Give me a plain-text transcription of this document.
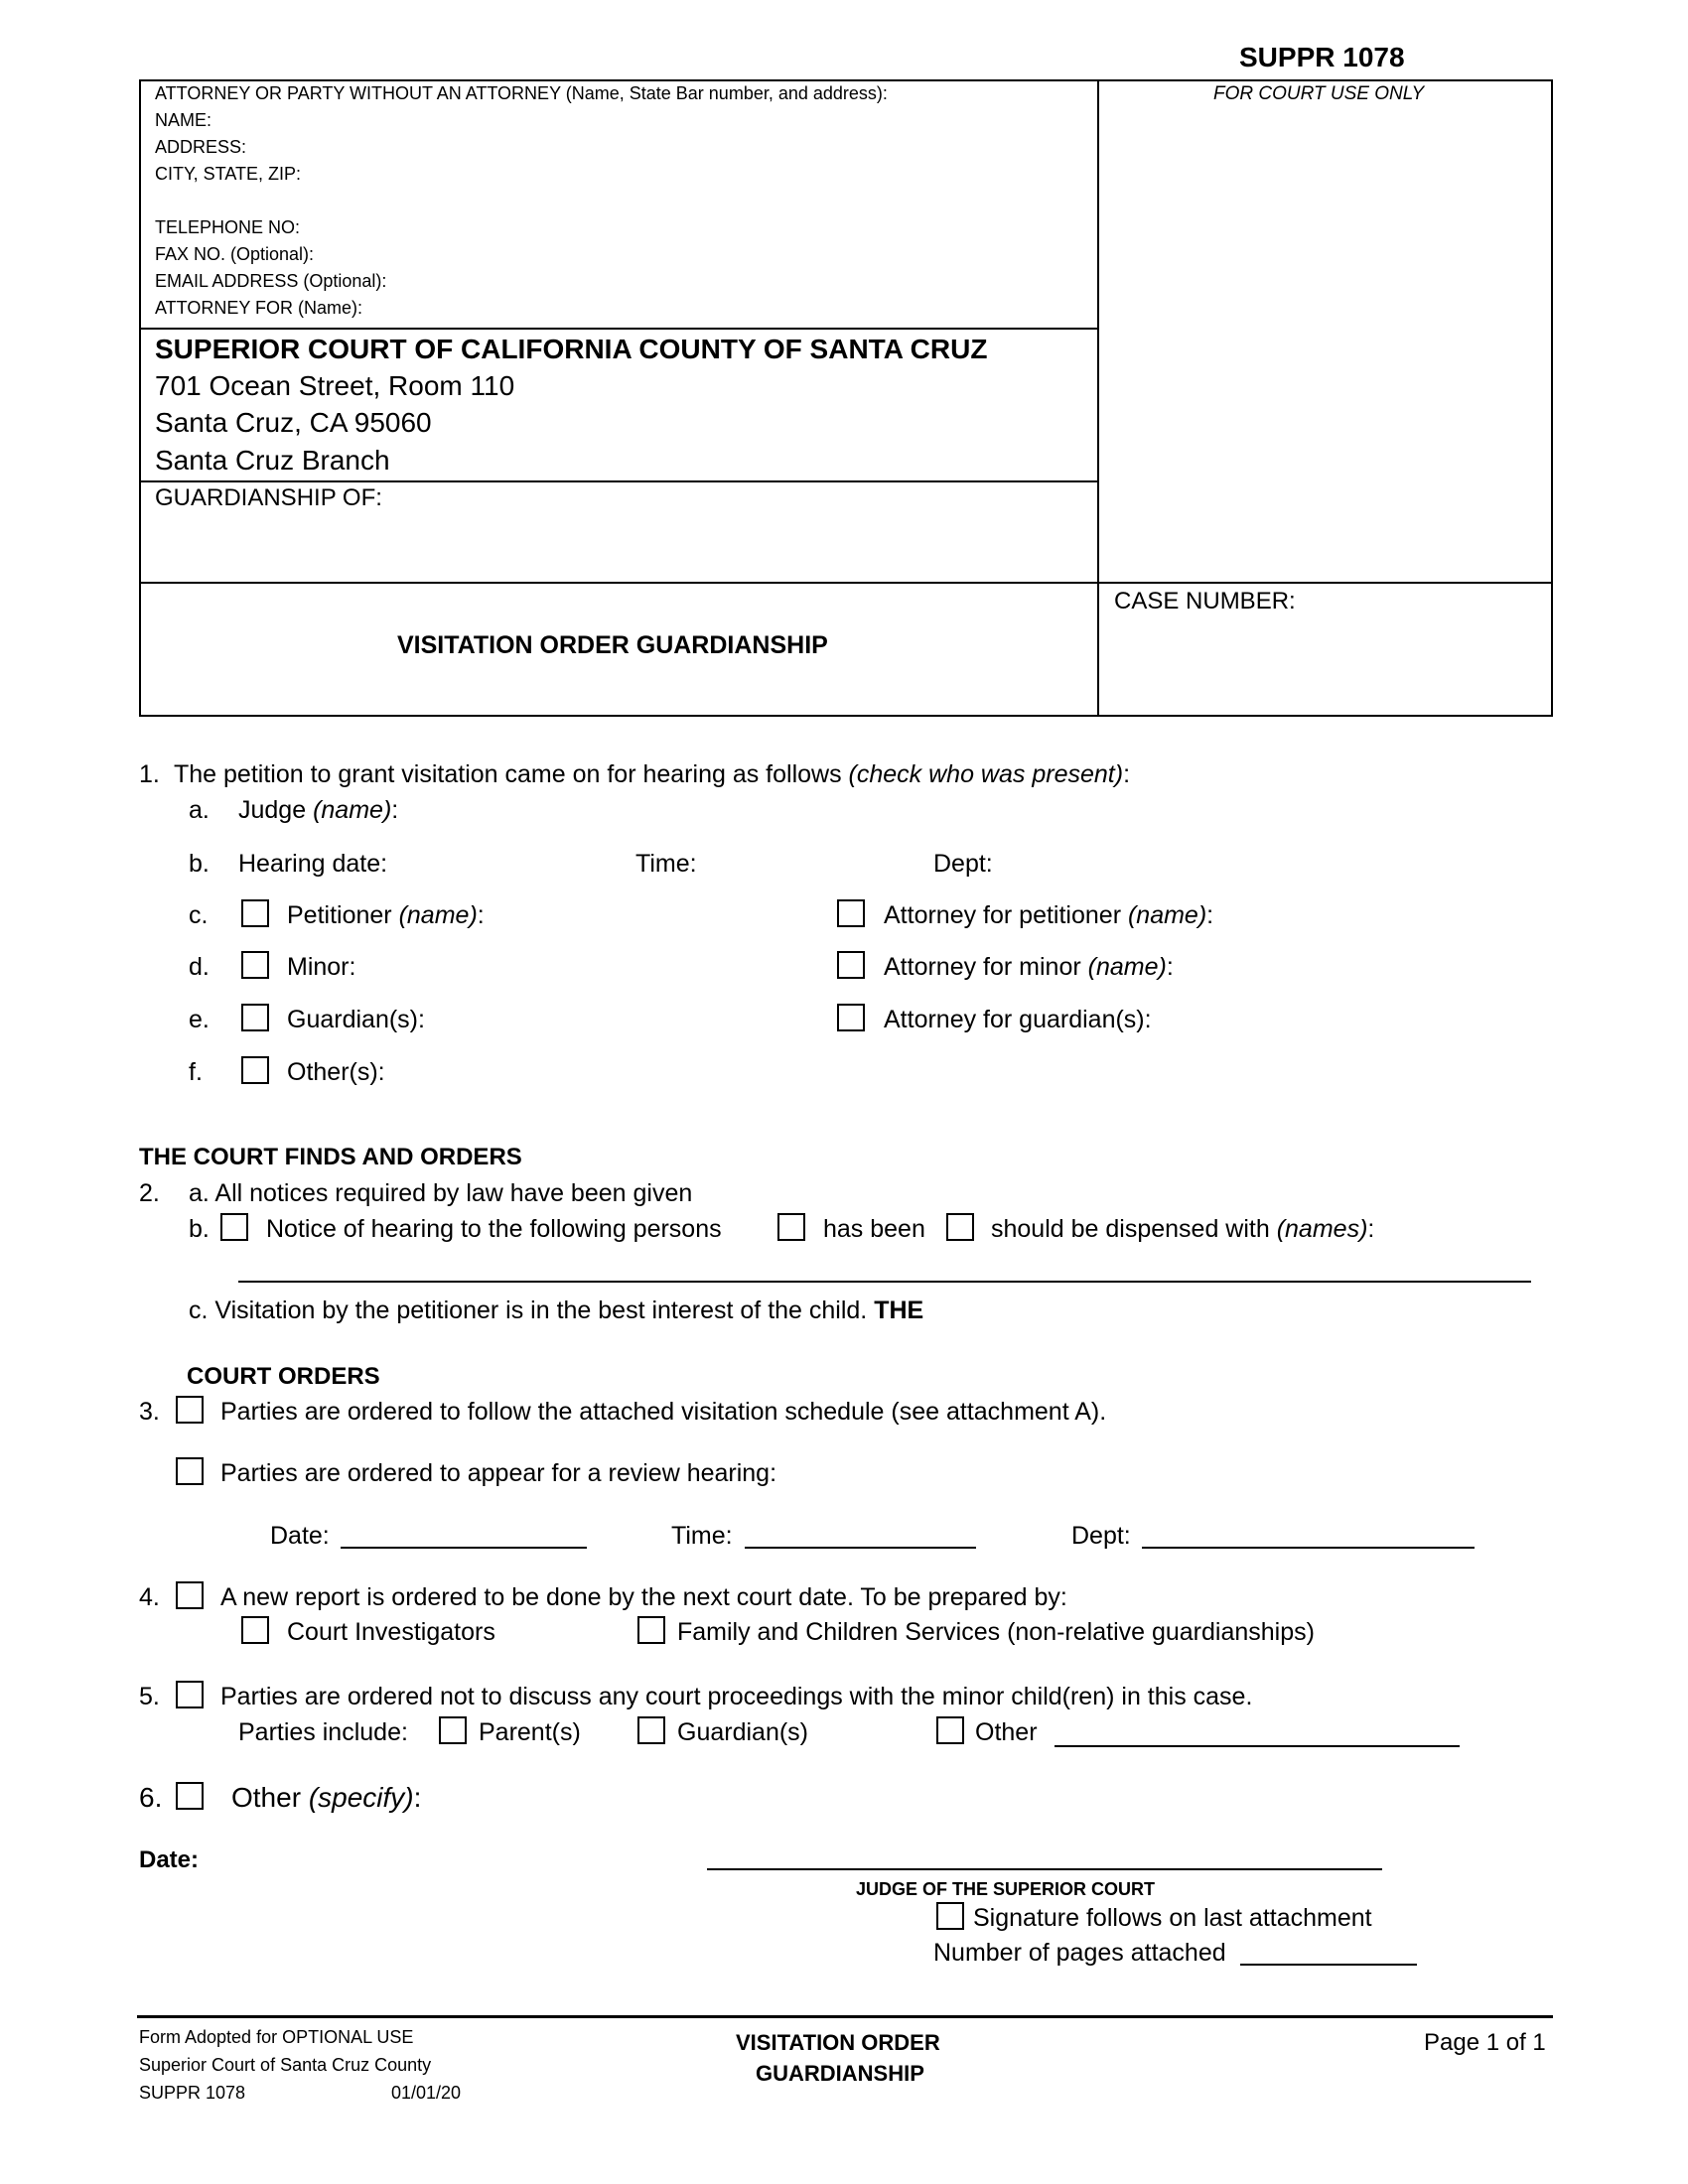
SUPPR 1078
ATTORNEY OR PARTY WITHOUT AN ATTORNEY (Name, State Bar number, and address):
NAME:
ADDRESS:
CITY, STATE, ZIP:
TELEPHONE NO:
FAX NO. (Optional):
EMAIL ADDRESS (Optional):
ATTORNEY FOR (Name):
FOR COURT USE ONLY
SUPERIOR COURT OF CALIFORNIA COUNTY OF SANTA CRUZ
701 Ocean Street, Room 110
Santa Cruz, CA 95060
Santa Cruz Branch
GUARDIANSHIP OF:
VISITATION ORDER GUARDIANSHIP
CASE NUMBER:
1. The petition to grant visitation came on for hearing as follows (check who was present):
a. Judge (name):
b. Hearing date:	Time:	Dept:
c.	Petitioner (name):	Attorney for petitioner (name):
d.	Minor:	Attorney for minor (name):
e.	Guardian(s):	Attorney for guardian(s):
f.	Other(s):
THE COURT FINDS AND ORDERS
2. a. All notices required by law have been given
b. Notice of hearing to the following persons	has been	should be dispensed with (names):
c. Visitation by the petitioner is in the best interest of the child. THE
COURT ORDERS
3. Parties are ordered to follow the attached visitation schedule (see attachment A).
Parties are ordered to appear for a review hearing:
Date:	Time:	Dept:
4. A new report is ordered to be done by the next court date. To be prepared by:
Court Investigators	Family and Children Services (non-relative guardianships)
5. Parties are ordered not to discuss any court proceedings with the minor child(ren) in this case.
Parties include:	Parent(s)	Guardian(s)	Other
6. Other (specify):
Date:
JUDGE OF THE SUPERIOR COURT
Signature follows on last attachment
Number of pages attached
Form Adopted for OPTIONAL USE
Superior Court of Santa Cruz County
SUPPR 1078	01/01/20
VISITATION ORDER
GUARDIANSHIP
Page 1 of 1
